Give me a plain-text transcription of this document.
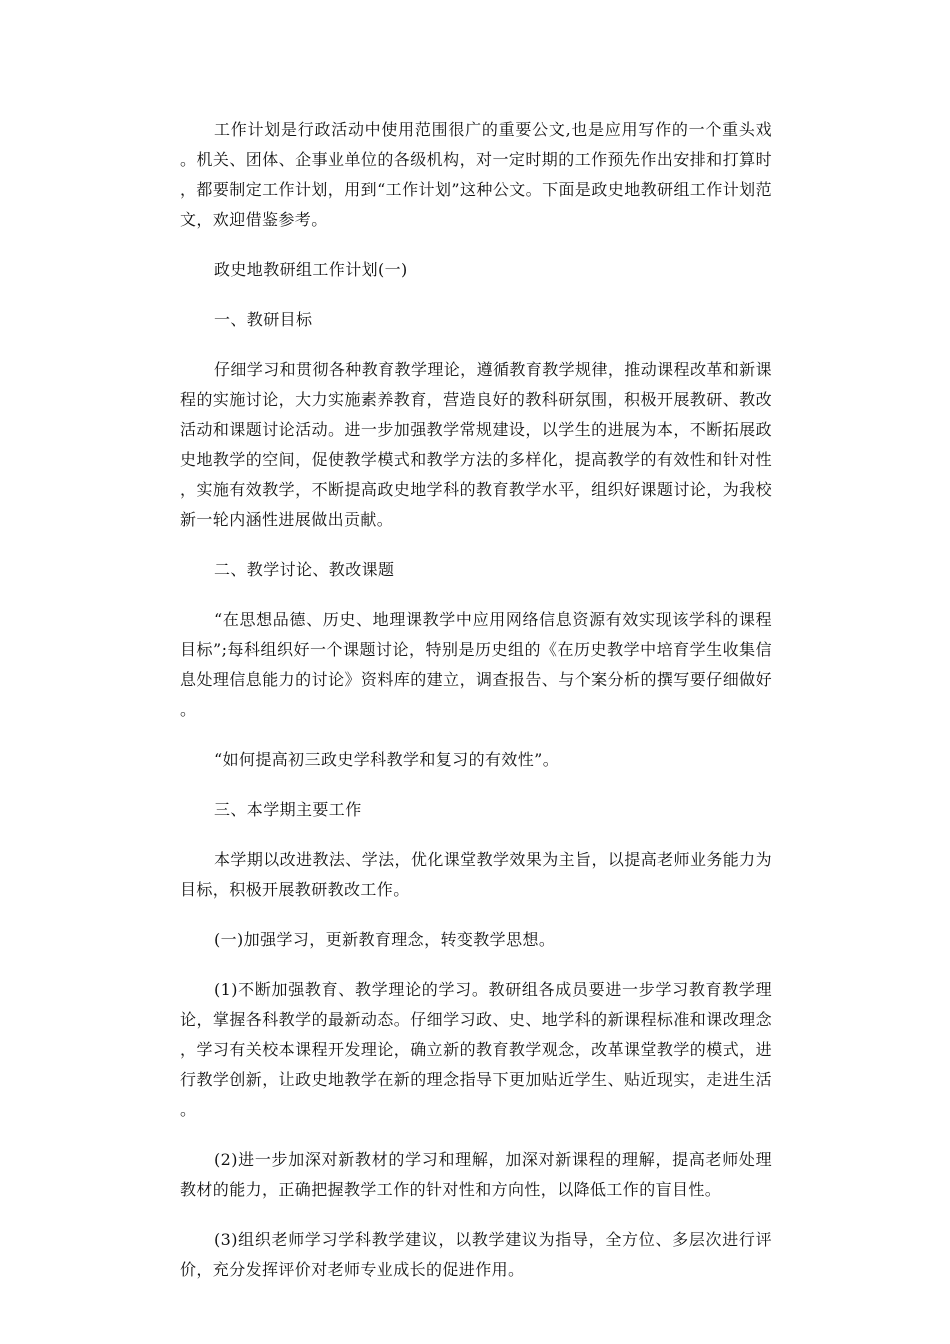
工作计划是行政活动中使用范围很广的重要公文,也是应用写作的一个重头戏。机关、团体、企事业单位的各级机构，对一定时期的工作预先作出安排和打算时，都要制定工作计划，用到“工作计划”这种公文。下面是政史地教研组工作计划范文，欢迎借鉴参考。

政史地教研组工作计划(一)

一、教研目标

仔细学习和贯彻各种教育教学理论，遵循教育教学规律，推动课程改革和新课程的实施讨论，大力实施素养教育，营造良好的教科研氛围，积极开展教研、教改活动和课题讨论活动。进一步加强教学常规建设，以学生的进展为本，不断拓展政史地教学的空间，促使教学模式和教学方法的多样化，提高教学的有效性和针对性，实施有效教学，不断提高政史地学科的教育教学水平，组织好课题讨论，为我校新一轮内涵性进展做出贡献。

二、教学讨论、教改课题

“在思想品德、历史、地理课教学中应用网络信息资源有效实现该学科的课程目标”;每科组织好一个课题讨论，特别是历史组的《在历史教学中培育学生收集信息处理信息能力的讨论》资料库的建立，调查报告、与个案分析的撰写要仔细做好。

“如何提高初三政史学科教学和复习的有效性”。

三、本学期主要工作

本学期以改进教法、学法，优化课堂教学效果为主旨，以提高老师业务能力为目标，积极开展教研教改工作。

(一)加强学习，更新教育理念，转变教学思想。

(1)不断加强教育、教学理论的学习。教研组各成员要进一步学习教育教学理论，掌握各科教学的最新动态。仔细学习政、史、地学科的新课程标准和课改理念，学习有关校本课程开发理论，确立新的教育教学观念，改革课堂教学的模式，进行教学创新，让政史地教学在新的理念指导下更加贴近学生、贴近现实，走进生活。

(2)进一步加深对新教材的学习和理解，加深对新课程的理解，提高老师处理教材的能力，正确把握教学工作的针对性和方向性，以降低工作的盲目性。

(3)组织老师学习学科教学建议，以教学建议为指导，全方位、多层次进行评价，充分发挥评价对老师专业成长的促进作用。
